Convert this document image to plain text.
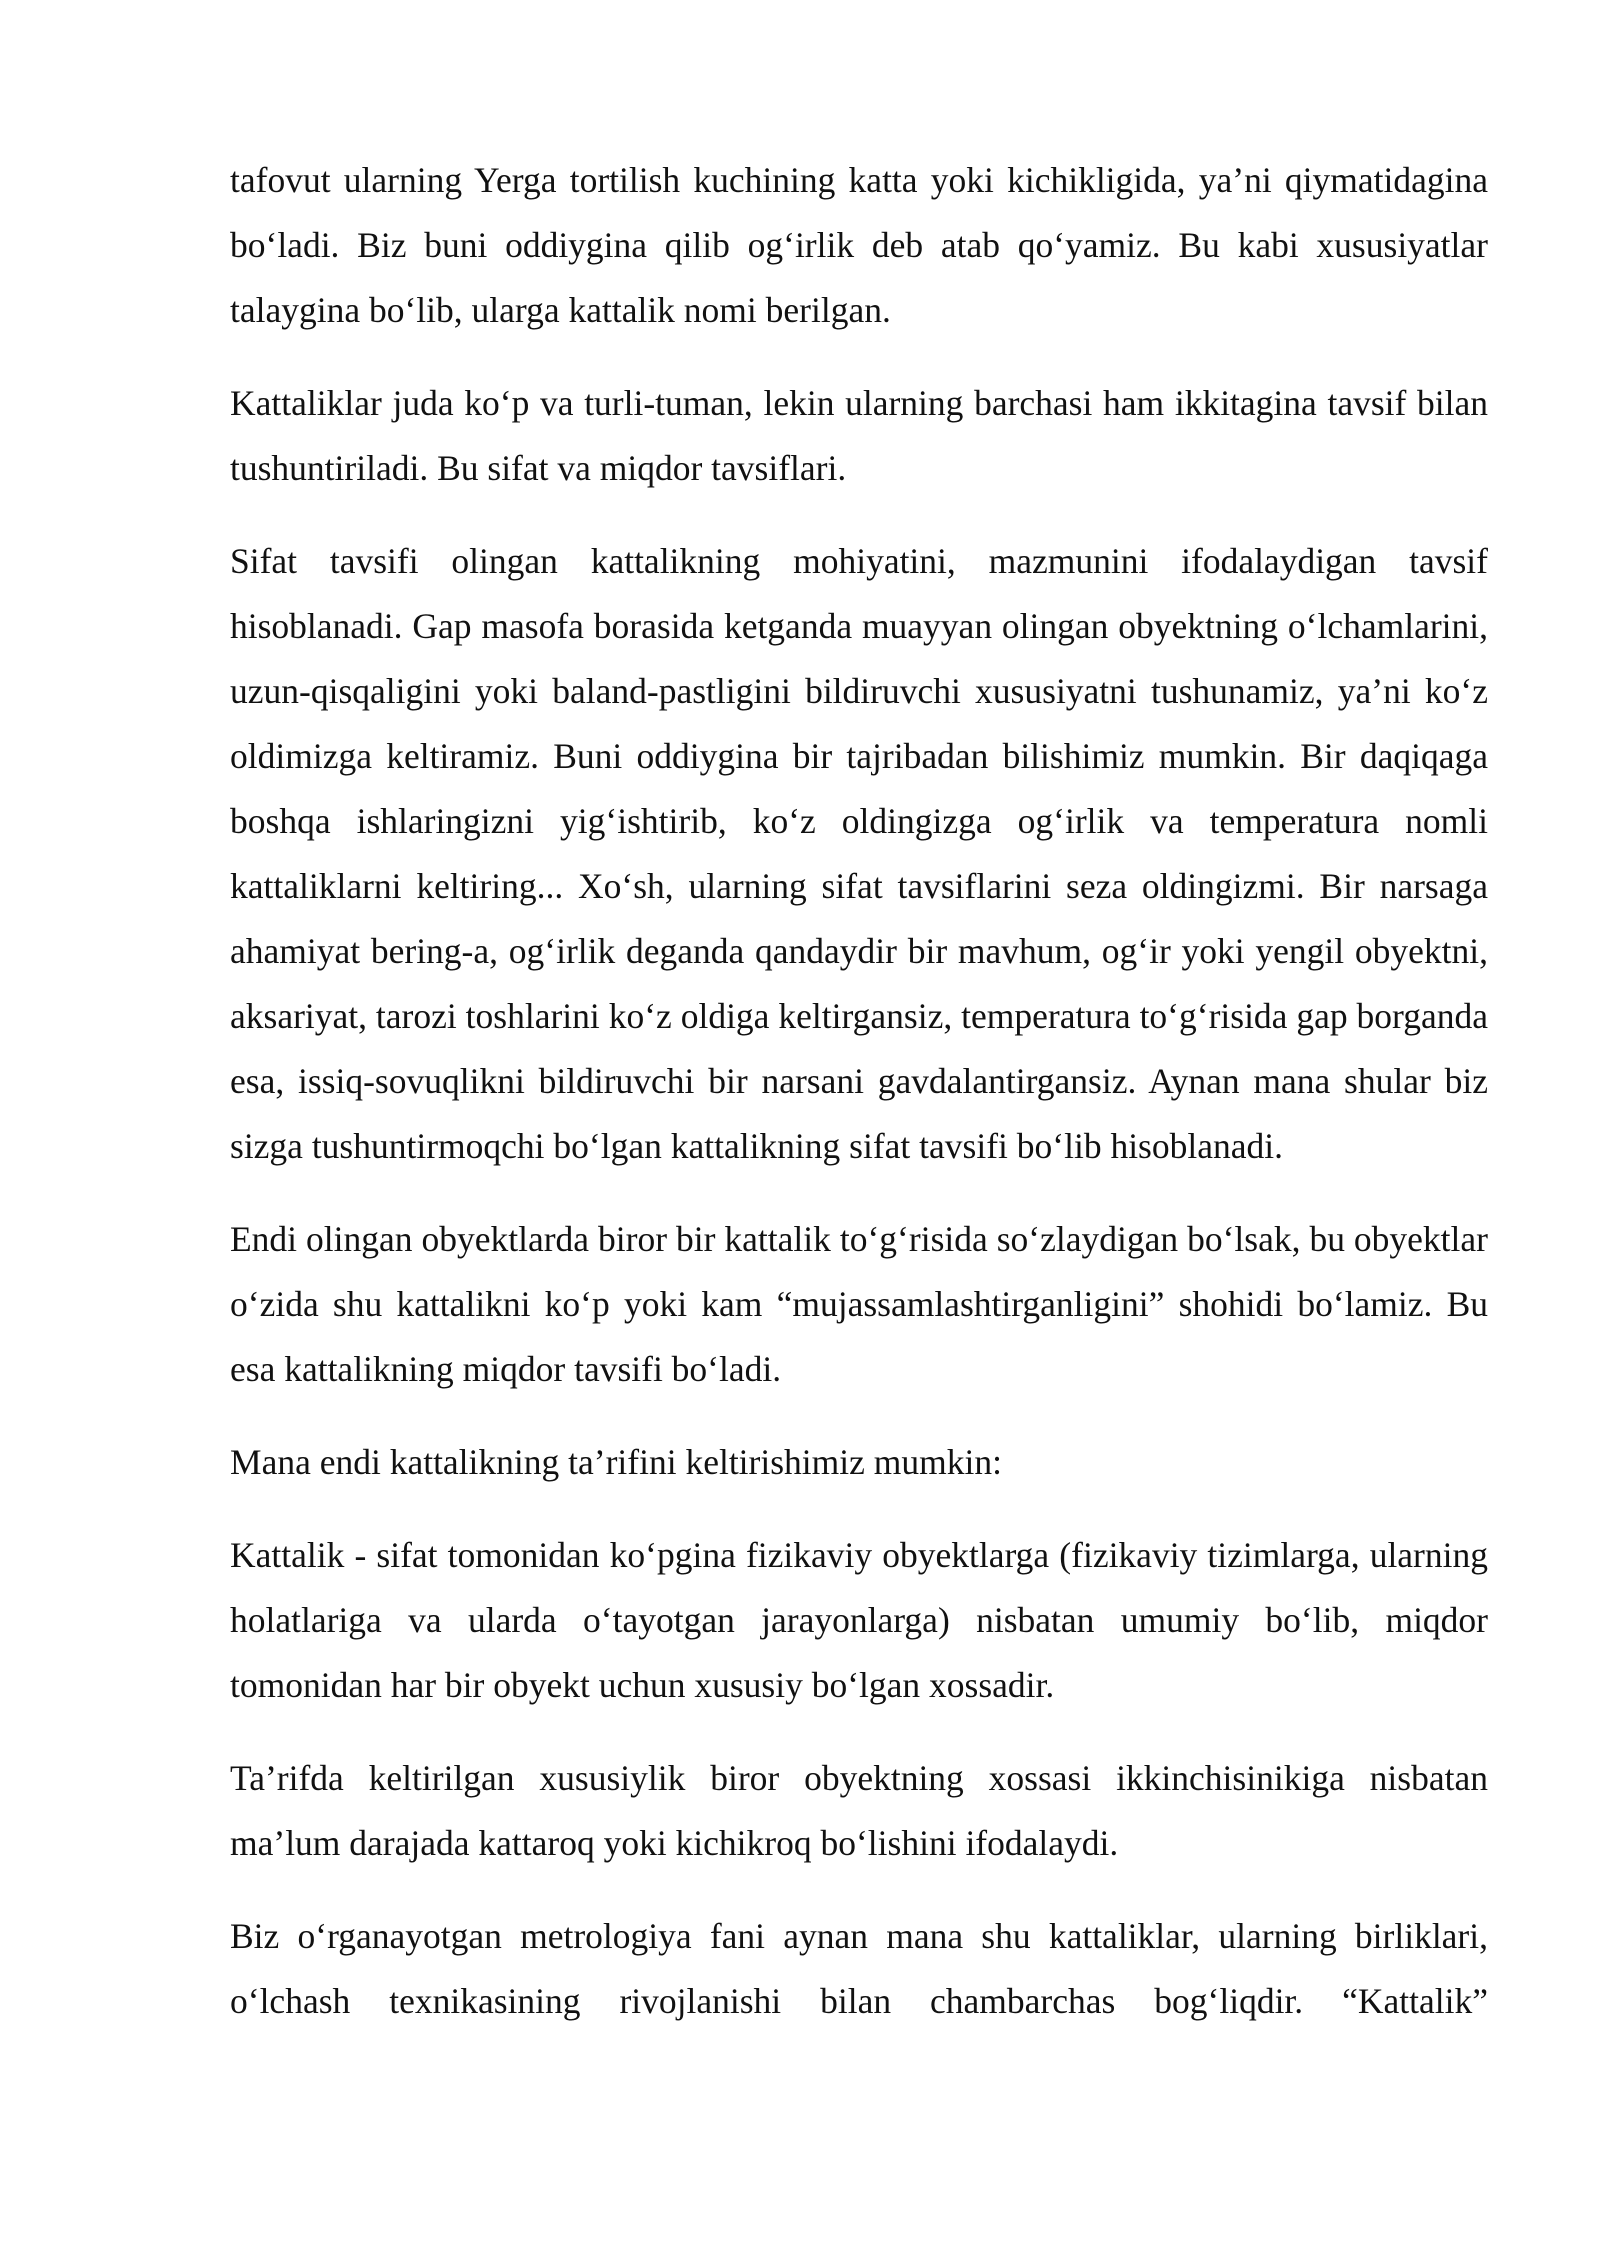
tafovut ularning Yerga tortilish kuchining katta yoki kichikligida, ya’ni qiymatidagina bo‘ladi. Biz buni oddiygina qilib og‘irlik deb atab qo‘yamiz. Bu kabi xususiyatlar talaygina bo‘lib, ularga kattalik nomi berilgan.

Kattaliklar juda ko‘p va turli-tuman, lekin ularning barchasi ham ikkitagina tavsif bilan tushuntiriladi. Bu sifat va miqdor tavsiflari.

Sifat tavsifi olingan kattalikning mohiyatini, mazmunini ifodalaydigan tavsif hisoblanadi. Gap masofa borasida ketganda muayyan olingan obyektning o‘lchamlarini, uzun-qisqaligini yoki baland-pastligini bildiruvchi xususiyatni tushunamiz, ya’ni ko‘z oldimizga keltiramiz. Buni oddiygina bir tajribadan bilishimiz mumkin. Bir daqiqaga boshqa ishlaringizni yig‘ishtirib, ko‘z oldingizga og‘irlik va temperatura nomli kattaliklarni keltiring... Xo‘sh, ularning sifat tavsiflarini seza oldingizmi. Bir narsaga ahamiyat bering-a, og‘irlik deganda qandaydir bir mavhum, og‘ir yoki yengil obyektni, aksariyat, tarozi toshlarini ko‘z oldiga keltirgansiz, temperatura to‘g‘risida gap borganda esa, issiq-sovuqlikni bildiruvchi bir narsani gavdalantirgansiz. Aynan mana shular biz sizga tushuntirmoqchi bo‘lgan kattalikning sifat tavsifi bo‘lib hisoblanadi.

Endi olingan obyektlarda biror bir kattalik to‘g‘risida so‘zlaydigan bo‘lsak, bu obyektlar o‘zida shu kattalikni ko‘p yoki kam “mujassamlashtirganligini” shohidi bo‘lamiz. Bu esa kattalikning miqdor tavsifi bo‘ladi.

Mana endi kattalikning ta’rifini keltirishimiz mumkin:

Kattalik - sifat tomonidan ko‘pgina fizikaviy obyektlarga (fizikaviy tizimlarga, ularning holatlariga va ularda o‘tayotgan jarayonlarga) nisbatan umumiy bo‘lib, miqdor tomonidan har bir obyekt uchun xususiy bo‘lgan xossadir.

Ta’rifda keltirilgan xususiylik biror obyektning xossasi ikkinchisinikiga nisbatan ma’lum darajada kattaroq yoki kichikroq bo‘lishini ifodalaydi.

Biz o‘rganayotgan metrologiya fani aynan mana shu kattaliklar, ularning birliklari, o‘lchash texnikasining rivojlanishi bilan chambarchas bog‘liqdir. “Kattalik”
